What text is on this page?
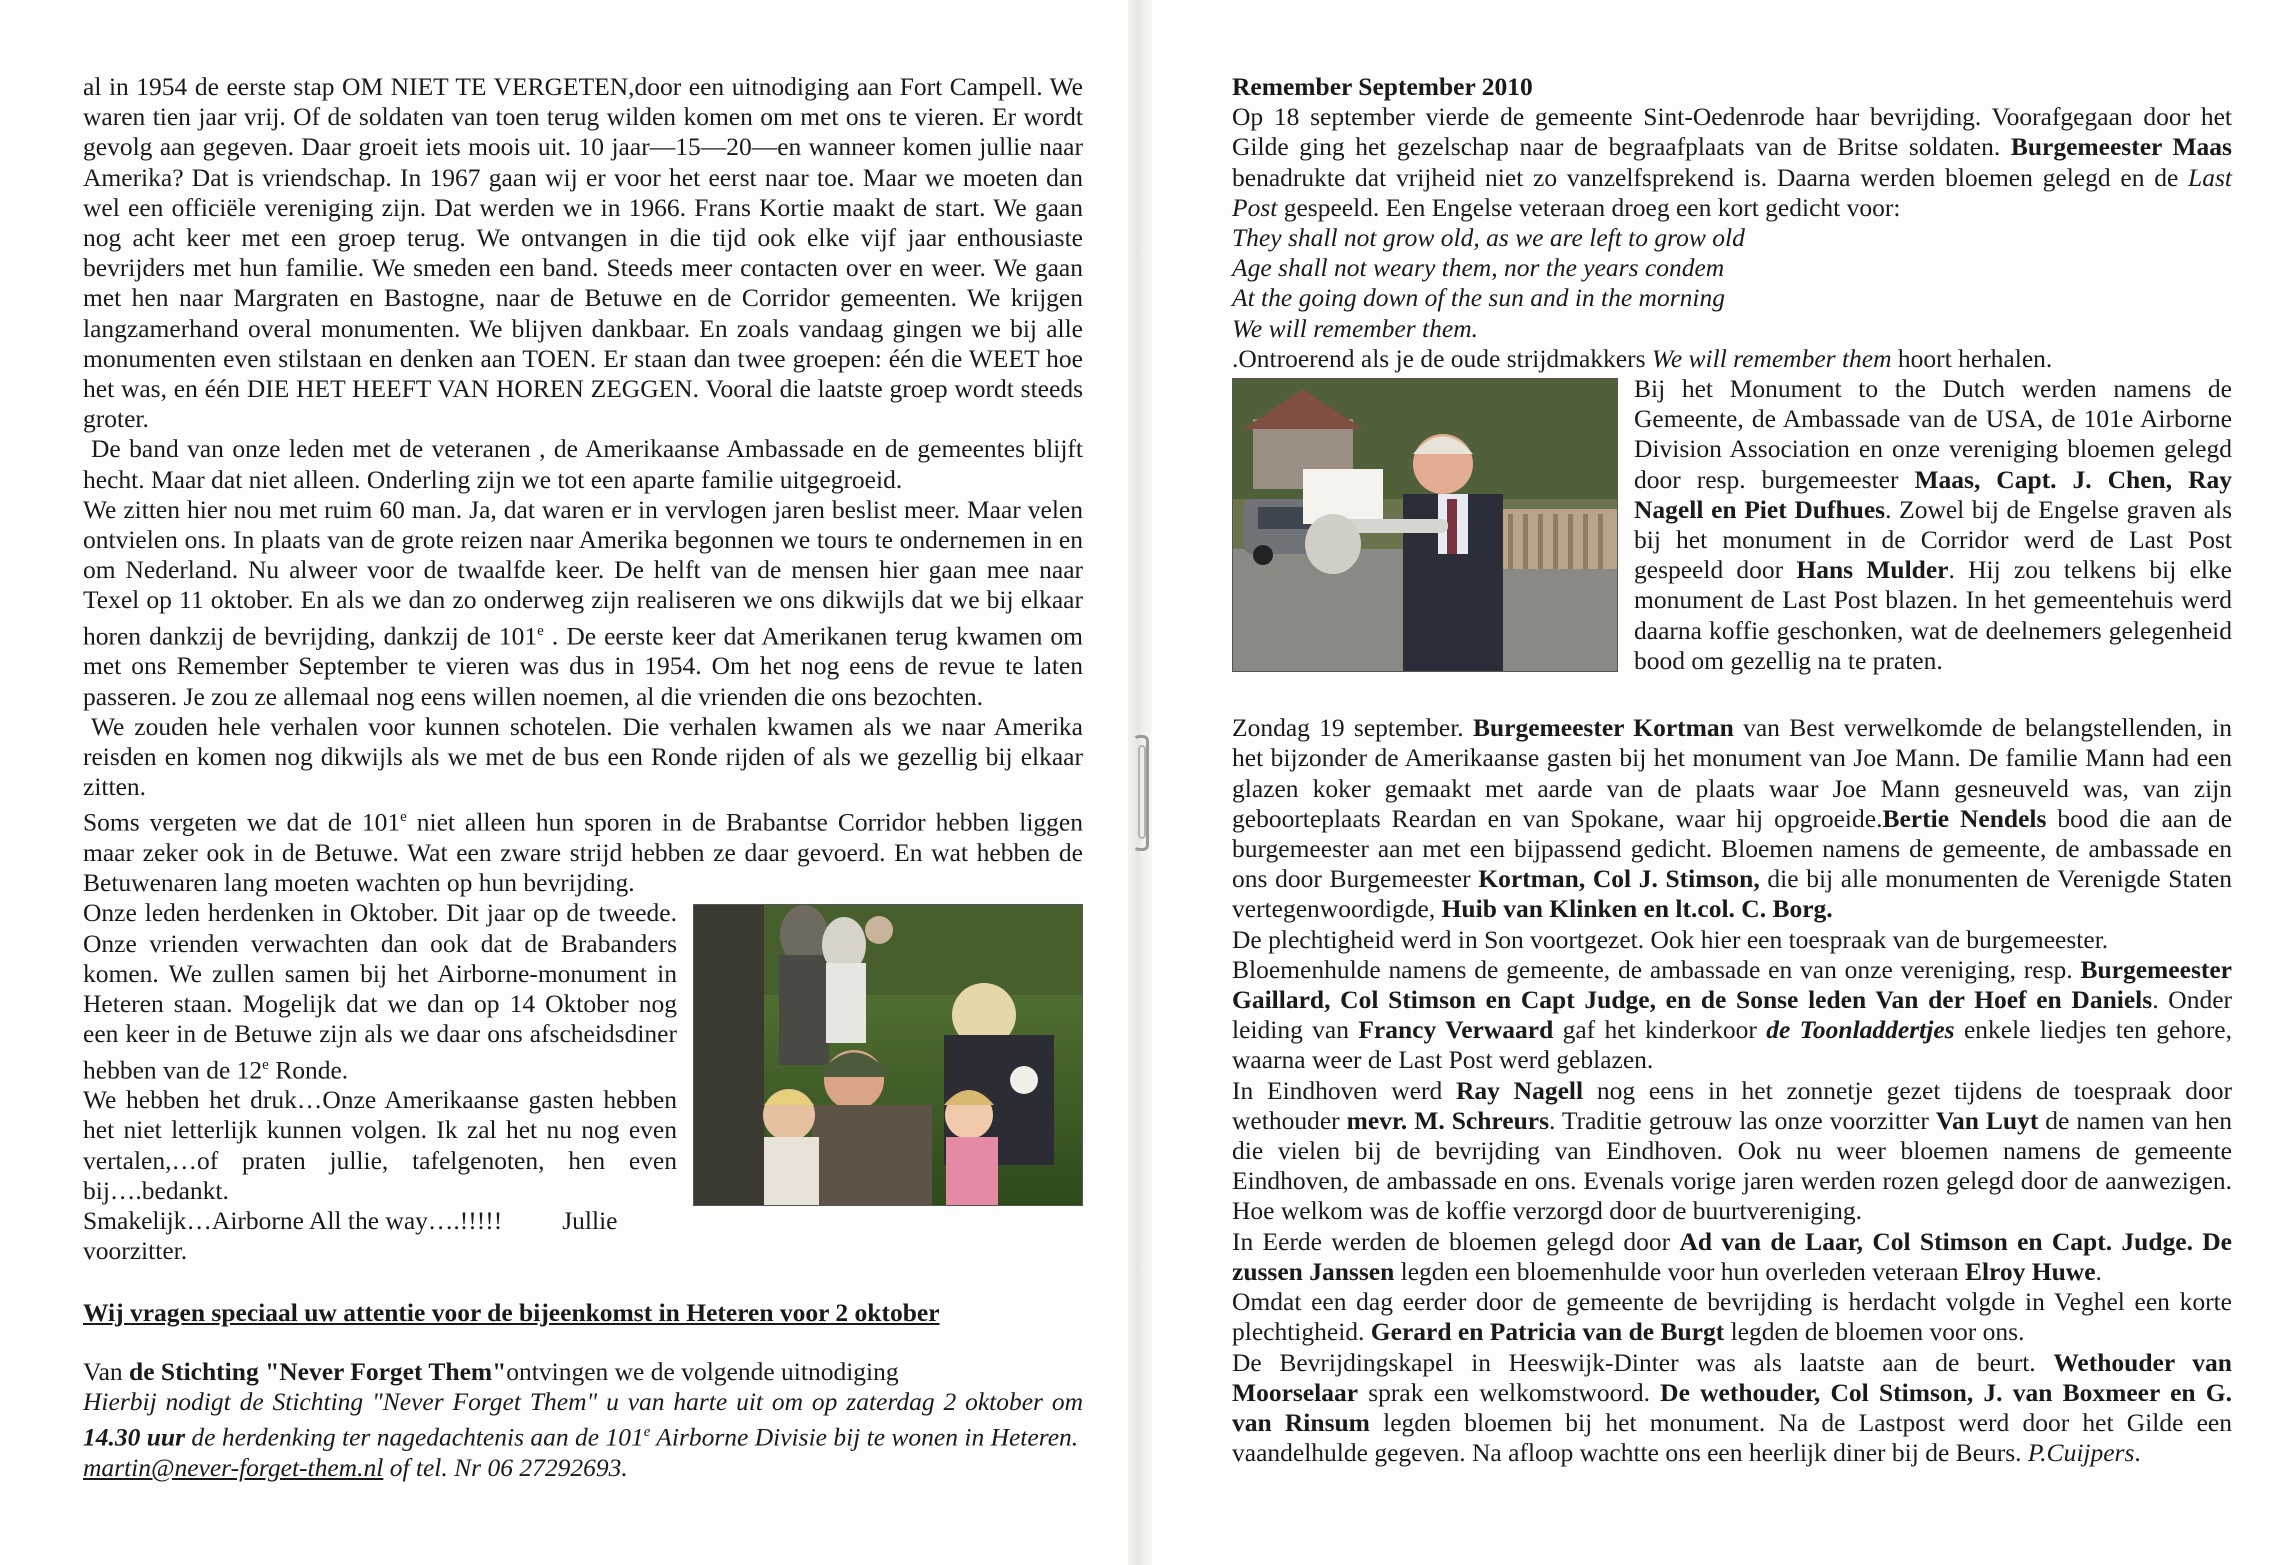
al in 1954 de eerste stap OM NIET TE VERGETEN,door een uitnodiging aan Fort Campell. We waren tien jaar vrij. Of de soldaten van toen terug wilden komen om met ons te vieren. Er wordt gevolg aan gegeven. Daar groeit iets moois uit. 10 jaar—15—20—en wanneer komen jullie naar Amerika? Dat is vriendschap. In 1967 gaan wij er voor het eerst naar toe. Maar we moeten dan wel een officiële vereniging zijn. Dat werden we in 1966. Frans Kortie maakt de start. We gaan nog acht keer met een groep terug. We ontvangen in die tijd ook elke vijf jaar enthousiaste bevrijders met hun familie. We smeden een band. Steeds meer contacten over en weer. We gaan met hen naar Margraten en Bastogne, naar de Betuwe en de Corridor gemeenten. We krijgen langzamerhand overal monumenten. We blijven dankbaar. En zoals vandaag gingen we bij alle monumenten even stilstaan en denken aan TOEN. Er staan dan twee groepen: één die WEET hoe het was, en één DIE HET HEEFT VAN HOREN ZEGGEN. Vooral die laatste groep wordt steeds groter.

De band van onze leden met de veteranen , de Amerikaanse Ambassade en de gemeentes blijft hecht. Maar dat niet alleen. Onderling zijn we tot een aparte familie uitgegroeid.

We zitten hier nou met ruim 60 man. Ja, dat waren er in vervlogen jaren beslist meer. Maar velen ontvielen ons. In plaats van de grote reizen naar Amerika begonnen we tours te ondernemen in en om Nederland. Nu alweer voor de twaalfde keer. De helft van de mensen hier gaan mee naar Texel op 11 oktober. En als we dan zo onderweg zijn realiseren we ons dikwijls dat we bij elkaar horen dankzij de bevrijding, dankzij de 101e . De eerste keer dat Amerikanen terug kwamen om met ons Remember September te vieren was dus in 1954. Om het nog eens de revue te laten passeren. Je zou ze allemaal nog eens willen noemen, al die vrienden die ons bezochten.

We zouden hele verhalen voor kunnen schotelen. Die verhalen kwamen als we naar Amerika reisden en komen nog dikwijls als we met de bus een Ronde rijden of als we gezellig bij elkaar zitten.

Soms vergeten we dat de 101e niet alleen hun sporen in de Brabantse Corridor hebben liggen maar zeker ook in de Betuwe. Wat een zware strijd hebben ze daar gevoerd. En wat hebben de Betuwenaren lang moeten wachten op hun bevrijding.

Onze leden herdenken in Oktober. Dit jaar op de tweede. Onze vrienden verwachten dan ook dat de Brabanders komen. We zullen samen bij het Airborne-monument in Heteren staan. Mogelijk dat we dan op 14 Oktober nog een keer in de Betuwe zijn als we daar ons afscheidsdiner hebben van de 12e Ronde.

We hebben het druk…Onze Amerikaanse gasten hebben het niet letterlijk kunnen volgen. Ik zal het nu nog even vertalen,…of praten jullie, tafelgenoten, hen even bij….bedankt.

Smakelijk…Airborne All the way….!!!!! Jullie voorzitter.

Wij vragen speciaal uw attentie voor de bijeenkomst in Heteren voor 2 oktober

Van de Stichting "Never Forget Them"ontvingen we de volgende uitnodiging

Hierbij nodigt de Stichting "Never Forget Them" u van harte uit om op zaterdag 2 oktober om 14.30 uur de herdenking ter nagedachtenis aan de 101e Airborne Divisie bij te wonen in Heteren.

martin@never-forget-them.nl of tel. Nr 06 27292693.

Remember September 2010

Op 18 september vierde de gemeente Sint-Oedenrode haar bevrijding. Voorafgegaan door het Gilde ging het gezelschap naar de begraafplaats van de Britse soldaten. Burgemeester Maas benadrukte dat vrijheid niet zo vanzelfsprekend is. Daarna werden bloemen gelegd en de Last Post gespeeld. Een Engelse veteraan droeg een kort gedicht voor:

They shall not grow old, as we are left to grow old

Age shall not weary them, nor the years condem

At the going down of the sun and in the morning

We will remember them.

.Ontroerend als je de oude strijdmakkers We will remember them hoort herhalen.

Bij het Monument to the Dutch werden namens de Gemeente, de Ambassade van de USA, de 101e Airborne Division Association en onze vereniging bloemen gelegd door resp. burgemeester Maas, Capt. J. Chen, Ray Nagell en Piet Dufhues. Zowel bij de Engelse graven als bij het monument in de Corridor werd de Last Post gespeeld door Hans Mulder. Hij zou telkens bij elke monument de Last Post blazen. In het gemeentehuis werd daarna koffie geschonken, wat de deelnemers gelegenheid bood om gezellig na te praten.

Zondag 19 september. Burgemeester Kortman van Best verwelkomde de belangstellenden, in het bijzonder de Amerikaanse gasten bij het monument van Joe Mann. De familie Mann had een glazen koker gemaakt met aarde van de plaats waar Joe Mann gesneuveld was, van zijn geboorteplaats Reardan en van Spokane, waar hij opgroeide.Bertie Nendels bood die aan de burgemeester aan met een bijpassend gedicht. Bloemen namens de gemeente, de ambassade en ons door Burgemeester Kortman, Col J. Stimson, die bij alle monumenten de Verenigde Staten vertegenwoordigde, Huib van Klinken en lt.col. C. Borg.

De plechtigheid werd in Son voortgezet. Ook hier een toespraak van de burgemeester.

Bloemenhulde namens de gemeente, de ambassade en van onze vereniging, resp. Burgemeester Gaillard, Col Stimson en Capt Judge, en de Sonse leden Van der Hoef en Daniels. Onder leiding van Francy Verwaard gaf het kinderkoor de Toonladdertjes enkele liedjes ten gehore, waarna weer de Last Post werd geblazen.

In Eindhoven werd Ray Nagell nog eens in het zonnetje gezet tijdens de toespraak door wethouder mevr. M. Schreurs. Traditie getrouw las onze voorzitter Van Luyt de namen van hen die vielen bij de bevrijding van Eindhoven. Ook nu weer bloemen namens de gemeente Eindhoven, de ambassade en ons. Evenals vorige jaren werden rozen gelegd door de aanwezigen. Hoe welkom was de koffie verzorgd door de buurtvereniging.

In Eerde werden de bloemen gelegd door Ad van de Laar, Col Stimson en Capt. Judge. De zussen Janssen legden een bloemenhulde voor hun overleden veteraan Elroy Huwe.

Omdat een dag eerder door de gemeente de bevrijding is herdacht volgde in Veghel een korte plechtigheid. Gerard en Patricia van de Burgt legden de bloemen voor ons.

De Bevrijdingskapel in Heeswijk-Dinter was als laatste aan de beurt. Wethouder van Moorselaar sprak een welkomstwoord. De wethouder, Col Stimson, J. van Boxmeer en G. van Rinsum legden bloemen bij het monument. Na de Lastpost werd door het Gilde een vaandelhulde gegeven. Na afloop wachtte ons een heerlijk diner bij de Beurs. P.Cuijpers.
